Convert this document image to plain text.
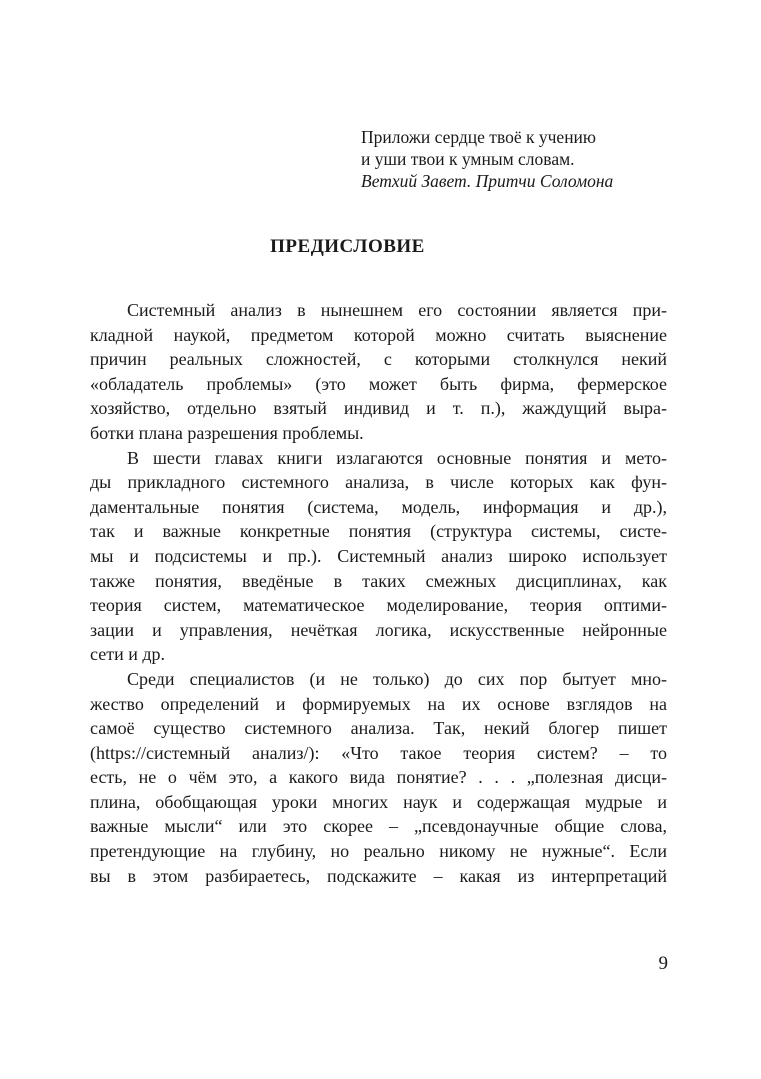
Приложи сердце твоё к учению
и уши твои к умным словам.
Ветхий Завет. Притчи Соломона
ПРЕДИСЛОВИЕ
Системный анализ в нынешнем его состоянии является при-
кладной наукой, предметом которой можно считать выяснение
причин реальных сложностей, с которыми столкнулся некий
«обладатель проблемы» (это может быть фирма, фермерское
хозяйство, отдельно взятый индивид и т. п.), жаждущий выра-
ботки плана разрешения проблемы.
В шести главах книги излагаются основные понятия и мето-
ды прикладного системного анализа, в числе которых как фун-
даментальные понятия (система, модель, информация и др.),
так и важные конкретные понятия (структура системы, систе-
мы и подсистемы и пр.). Системный анализ широко использует
также понятия, введёные в таких смежных дисциплинах, как
теория систем, математическое моделирование, теория оптими-
зации и управления, нечёткая логика, искусственные нейронные
сети и др.
Среди специалистов (и не только) до сих пор бытует мно-
жество определений и формируемых на их основе взглядов на
самоё существо системного анализа. Так, некий блогер пишет
(https://системный анализ/): «Что такое теория систем? – то
есть, не о чём это, а какого вида понятие? . . . „полезная дисци-
плина, обобщающая уроки многих наук и содержащая мудрые и
важные мысли“ или это скорее – „псевдонаучные общие слова,
претендующие на глубину, но реально никому не нужные“. Если
вы в этом разбираетесь, подскажите – какая из интерпретаций
9
